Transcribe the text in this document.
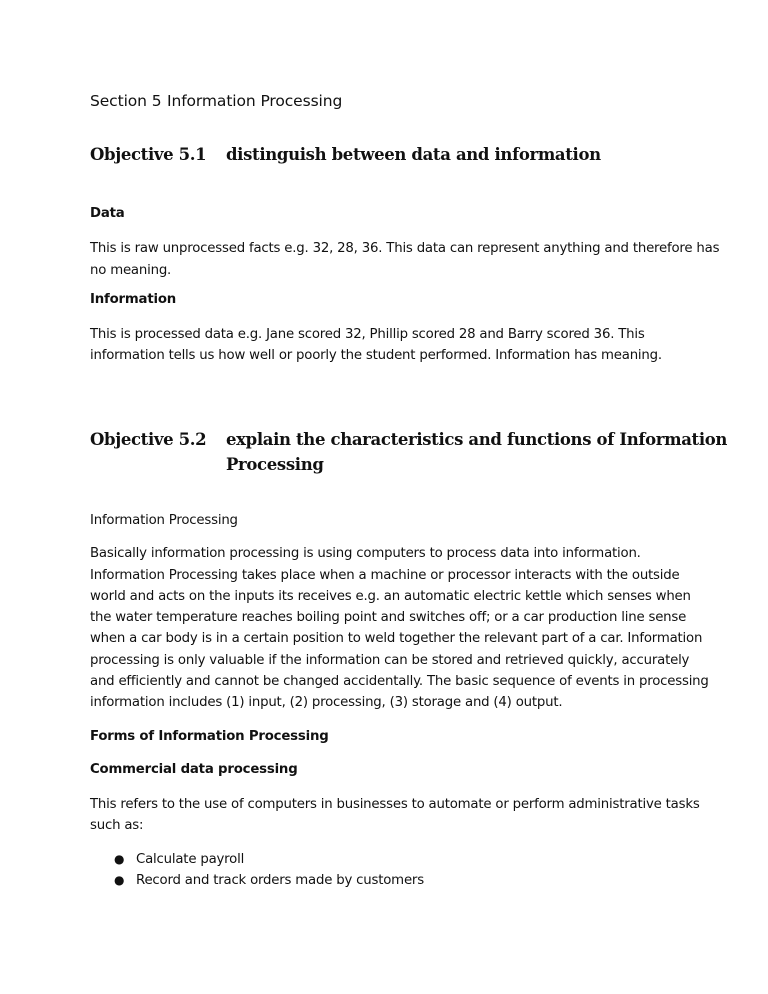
Section 5 Information Processing
Objective 5.1 distinguish between data and information
Data
This is raw unprocessed facts e.g. 32, 28, 36. This data can represent anything and therefore has
no meaning.
Information
This is processed data e.g. Jane scored 32, Phillip scored 28 and Barry scored 36. This
information tells us how well or poorly the student performed. Information has meaning.
Objective 5.2 explain the characteristics and functions of Information
Processing
Information Processing
Basically information processing is using computers to process data into information.
Information Processing takes place when a machine or processor interacts with the outside
world and acts on the inputs its receives e.g. an automatic electric kettle which senses when
the water temperature reaches boiling point and switches off; or a car production line sense
when a car body is in a certain position to weld together the relevant part of a car. Information
processing is only valuable if the information can be stored and retrieved quickly, accurately
and efficiently and cannot be changed accidentally. The basic sequence of events in processing
information includes (1) input, (2) processing, (3) storage and (4) output.
Forms of Information Processing
Commercial data processing
This refers to the use of computers in businesses to automate or perform administrative tasks
such as:
● Calculate payroll
● Record and track orders made by customers
